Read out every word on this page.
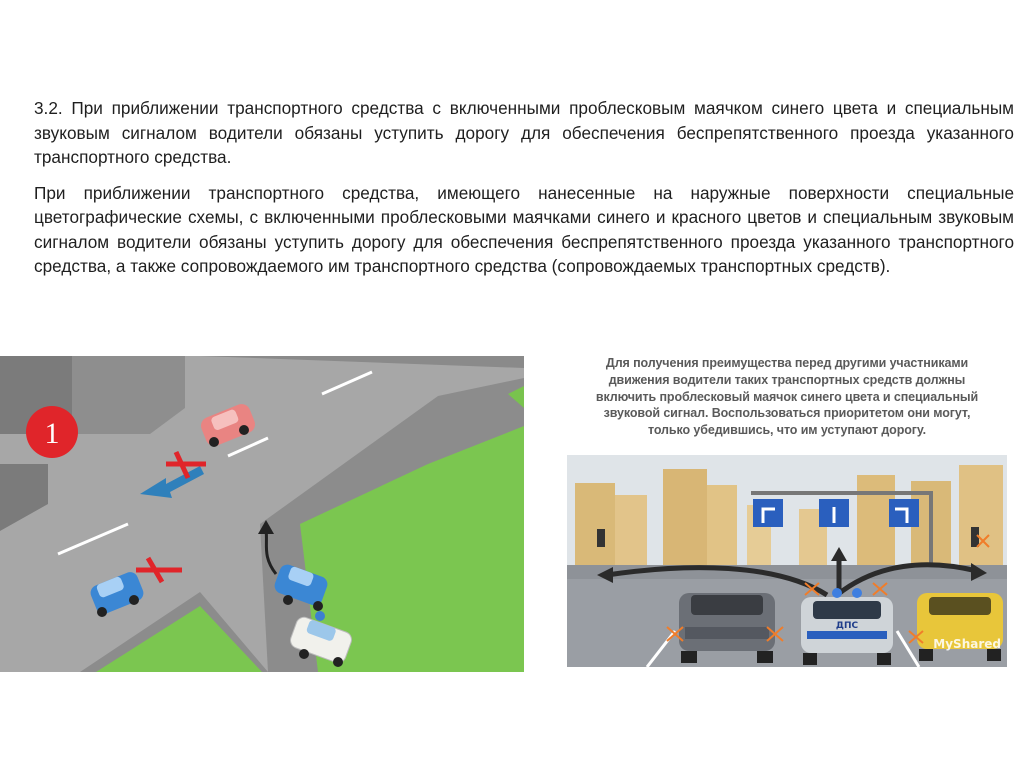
3.2. При приближении транспортного средства с включенными проблесковым маячком синего цвета и специальным звуковым сигналом водители обязаны уступить дорогу для обеспечения беспрепятственного проезда указанного транспортного средства.

При приближении транспортного средства, имеющего нанесенные на наружные поверхности специальные цветографические схемы, с включенными проблесковыми маячками синего и красного цветов и специальным звуковым сигналом водители обязаны уступить дорогу для обеспечения беспрепятственного проезда указанного транспортного средства, а также сопровождаемого им транспортного средства (сопровождаемых транспортных средств).

1
Для получения преимущества перед другими участниками
движения водители таких транспортных средств должны
включить проблесковый маячок синего цвета и специальный
звуковой сигнал. Воспользоваться приоритетом они могут,
только убедившись, что им уступают дорогу.
ДПС
MyShared
